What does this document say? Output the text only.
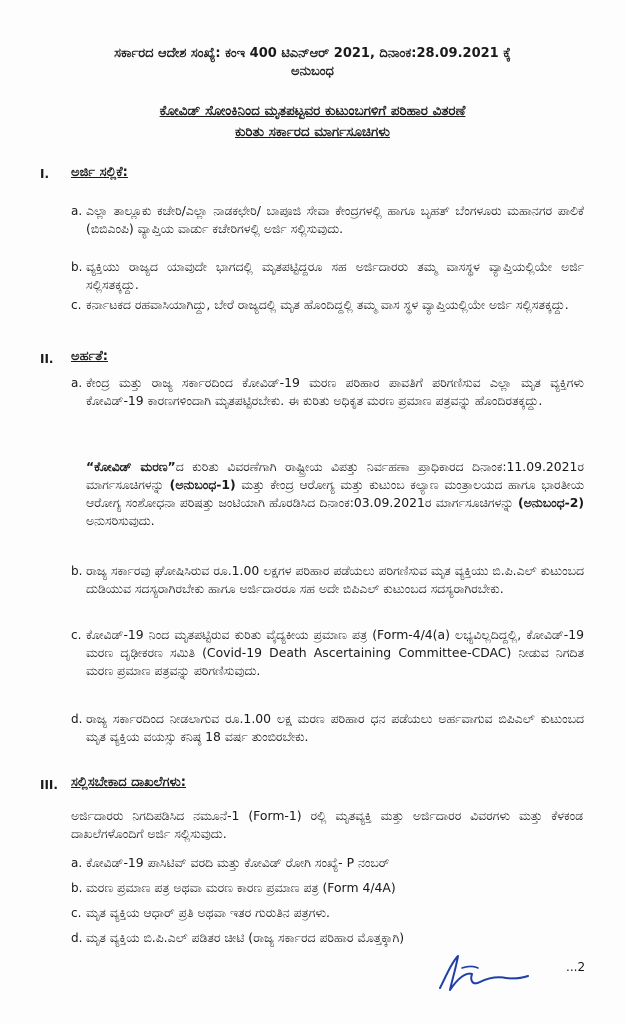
ಸರ್ಕಾರದ ಆದೇಶ ಸಂಖ್ಯೆ: ಕಂಇ 400 ಟಿಎನ್‌ಆರ್ 2021, ದಿನಾಂಕ:28.09.2021 ಕ್ಕೆ
ಅನುಬಂಧ
ಕೋವಿಡ್ ಸೋಂಕಿನಿಂದ ಮೃತಪಟ್ಟವರ ಕುಟುಂಬಗಳಿಗೆ ಪರಿಹಾರ ವಿತರಣೆ
ಕುರಿತು ಸರ್ಕಾರದ ಮಾರ್ಗಸೂಚಿಗಳು
I. ಅರ್ಜಿ ಸಲ್ಲಿಕೆ:
a. ಎಲ್ಲಾ ತಾಲ್ಲೂಕು ಕಚೇರಿ/ಎಲ್ಲಾ ನಾಡಕಛೇರಿ/ ಬಾಪೂಜಿ ಸೇವಾ ಕೇಂದ್ರಗಳಲ್ಲಿ ಹಾಗೂ ಬೃಹತ್ ಬೆಂಗಳೂರು ಮಹಾನಗರ ಪಾಲಿಕೆ (ಬಿಬಿಎಂಪಿ) ವ್ಯಾಪ್ತಿಯ ವಾರ್ಡು ಕಚೇರಿಗಳಲ್ಲಿ ಅರ್ಜಿ ಸಲ್ಲಿಸುವುದು.
b. ವ್ಯಕ್ತಿಯು ರಾಜ್ಯದ ಯಾವುದೇ ಭಾಗದಲ್ಲಿ ಮೃತಪಟ್ಟಿದ್ದರೂ ಸಹ ಅರ್ಜಿದಾರರು ತಮ್ಮ ವಾಸಸ್ಥಳ ವ್ಯಾಪ್ತಿಯಲ್ಲಿಯೇ ಅರ್ಜಿ ಸಲ್ಲಿಸತಕ್ಕದ್ದು.
c. ಕರ್ನಾಟಕದ ರಹವಾಸಿಯಾಗಿದ್ದು, ಬೇರೆ ರಾಜ್ಯದಲ್ಲಿ ಮೃತ ಹೊಂದಿದ್ದಲ್ಲಿ ತಮ್ಮ ವಾಸ ಸ್ಥಳ ವ್ಯಾಪ್ತಿಯಲ್ಲಿಯೇ ಅರ್ಜಿ ಸಲ್ಲಿಸತಕ್ಕದ್ದು.
II. ಅರ್ಹತೆ:
a. ಕೇಂದ್ರ ಮತ್ತು ರಾಜ್ಯ ಸರ್ಕಾರದಿಂದ ಕೋವಿಡ್-19 ಮರಣ ಪರಿಹಾರ ಪಾವತಿಗೆ ಪರಿಗಣಿಸುವ ಎಲ್ಲಾ ಮೃತ ವ್ಯಕ್ತಿಗಳು ಕೋವಿಡ್-19 ಕಾರಣಗಳಿಂದಾಗಿ ಮೃತಪಟ್ಟಿರಬೇಕು. ಈ ಕುರಿತು ಅಧಿಕೃತ ಮರಣ ಪ್ರಮಾಣ ಪತ್ರವನ್ನು ಹೊಂದಿರತಕ್ಕದ್ದು.
“ಕೋವಿಡ್ ಮರಣ”ದ ಕುರಿತು ವಿವರಣೆಗಾಗಿ ರಾಷ್ಟ್ರೀಯ ವಿಪತ್ತು ನಿರ್ವಹಣಾ ಪ್ರಾಧಿಕಾರದ ದಿನಾಂಕ:11.09.2021ರ ಮಾರ್ಗಸೂಚಿಗಳನ್ನು (ಅನುಬಂಧ-1) ಮತ್ತು ಕೇಂದ್ರ ಆರೋಗ್ಯ ಮತ್ತು ಕುಟುಂಬ ಕಲ್ಯಾಣ ಮಂತ್ರಾಲಯದ ಹಾಗೂ ಭಾರತೀಯ ಆರೋಗ್ಯ ಸಂಶೋಧನಾ ಪರಿಷತ್ತು ಜಂಟಿಯಾಗಿ ಹೊರಡಿಸಿದ ದಿನಾಂಕ:03.09.2021ರ ಮಾರ್ಗಸೂಚಿಗಳನ್ನು (ಅನುಬಂಧ-2) ಅನುಸರಿಸುವುದು.
b. ರಾಜ್ಯ ಸರ್ಕಾರವು ಘೋಷಿಸಿರುವ ರೂ.1.00 ಲಕ್ಷಗಳ ಪರಿಹಾರ ಪಡೆಯಲು ಪರಿಗಣಿಸುವ ಮೃತ ವ್ಯಕ್ತಿಯು ಬಿ.ಪಿ.ಎಲ್ ಕುಟುಂಬದ ದುಡಿಯುವ ಸದಸ್ಯರಾಗಿರಬೇಕು ಹಾಗೂ ಅರ್ಜಿದಾರರೂ ಸಹ ಅದೇ ಬಿಪಿಎಲ್ ಕುಟುಂಬದ ಸದಸ್ಯರಾಗಿರಬೇಕು.
c. ಕೋವಿಡ್-19 ನಿಂದ ಮೃತಪಟ್ಟಿರುವ ಕುರಿತು ವೈದ್ಯಕೀಯ ಪ್ರಮಾಣ ಪತ್ರ (Form-4/4(a) ಲಭ್ಯವಿಲ್ಲದಿದ್ದಲ್ಲಿ, ಕೋವಿಡ್-19 ಮರಣ ದೃಢೀಕರಣ ಸಮಿತಿ (Covid-19 Death Ascertaining Committee-CDAC) ನೀಡುವ ನಿಗದಿತ ಮರಣ ಪ್ರಮಾಣ ಪತ್ರವನ್ನು ಪರಿಗಣಿಸುವುದು.
d. ರಾಜ್ಯ ಸರ್ಕಾರದಿಂದ ನೀಡಲಾಗುವ ರೂ.1.00 ಲಕ್ಷ ಮರಣ ಪರಿಹಾರ ಧನ ಪಡೆಯಲು ಅರ್ಹವಾಗುವ ಬಿಪಿಎಲ್ ಕುಟುಂಬದ ಮೃತ ವ್ಯಕ್ತಿಯ ವಯಸ್ಸು ಕನಿಷ್ಠ 18 ವರ್ಷ ತುಂಬಿರಬೇಕು.
III. ಸಲ್ಲಿಸಬೇಕಾದ ದಾಖಲೆಗಳು:
ಅರ್ಜಿದಾರರು ನಿಗದಿಪಡಿಸಿದ ನಮೂನೆ-1 (Form-1) ರಲ್ಲಿ ಮೃತವ್ಯಕ್ತಿ ಮತ್ತು ಅರ್ಜಿದಾರರ ವಿವರಗಳು ಮತ್ತು ಕೆಳಕಂಡ ದಾಖಲೆಗಳೊಂದಿಗೆ ಅರ್ಜಿ ಸಲ್ಲಿಸುವುದು.
a. ಕೋವಿಡ್-19 ಪಾಸಿಟಿವ್ ವರದಿ ಮತ್ತು ಕೋವಿಡ್ ರೋಗಿ ಸಂಖ್ಯೆ- P ನಂಬರ್
b. ಮರಣ ಪ್ರಮಾಣ ಪತ್ರ ಅಥವಾ ಮರಣ ಕಾರಣ ಪ್ರಮಾಣ ಪತ್ರ (Form 4/4A)
c. ಮೃತ ವ್ಯಕ್ತಿಯ ಆಧಾರ್ ಪ್ರತಿ ಅಥವಾ ಇತರ ಗುರುತಿನ ಪತ್ರಗಳು.
d. ಮೃತ ವ್ಯಕ್ತಿಯ ಬಿ.ಪಿ.ಎಲ್ ಪಡಿತರ ಚೀಟಿ (ರಾಜ್ಯ ಸರ್ಕಾರದ ಪರಿಹಾರ ಮೊತ್ತಕ್ಕಾಗಿ)
...2
